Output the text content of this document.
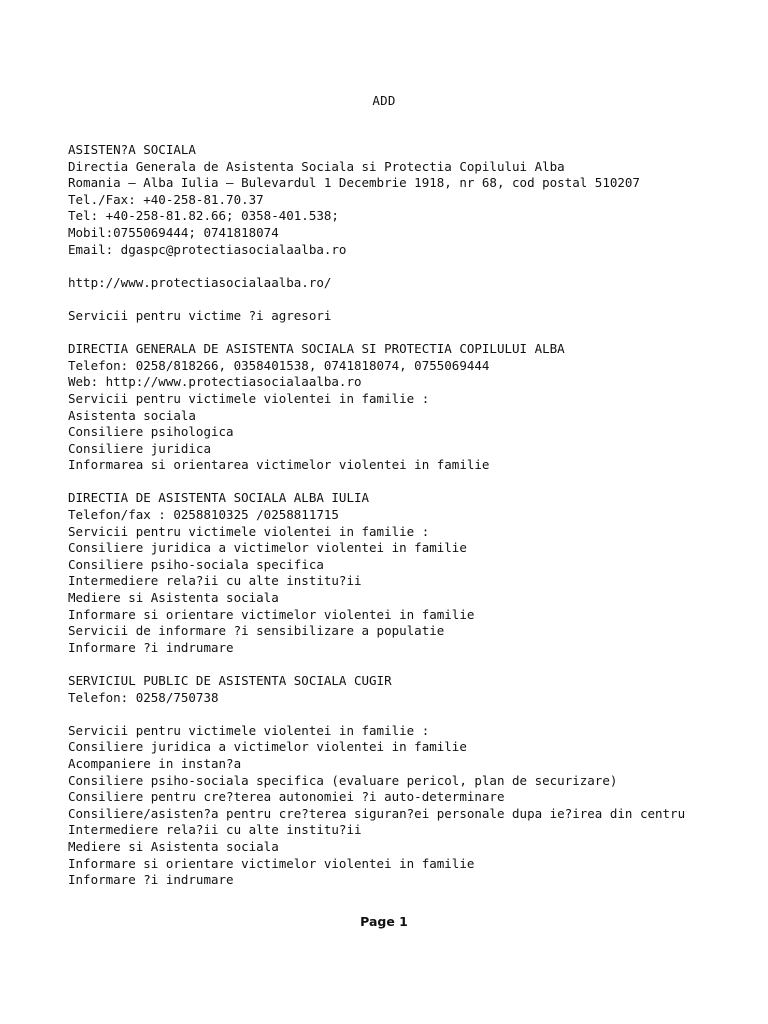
ADD
ASISTEN?A SOCIALA
Directia Generala de Asistenta Sociala si Protectia Copilului Alba
Romania – Alba Iulia – Bulevardul 1 Decembrie 1918, nr 68, cod postal 510207
Tel./Fax: +40-258-81.70.37
Tel: +40-258-81.82.66; 0358-401.538;
Mobil:0755069444; 0741818074
Email: dgaspc@protectiasocialaalba.ro
http://www.protectiasocialaalba.ro/
Servicii pentru victime ?i agresori
DIRECTIA GENERALA DE ASISTENTA SOCIALA SI PROTECTIA COPILULUI ALBA
Telefon: 0258/818266, 0358401538, 0741818074, 0755069444
Web: http://www.protectiasocialaalba.ro
Servicii pentru victimele violentei in familie :
Asistenta sociala
Consiliere psihologica
Consiliere juridica
Informarea si orientarea victimelor violentei in familie
DIRECTIA DE ASISTENTA SOCIALA ALBA IULIA
Telefon/fax : 0258810325 /0258811715
Servicii pentru victimele violentei in familie :
Consiliere juridica a victimelor violentei in familie
Consiliere psiho-sociala specifica
Intermediere rela?ii cu alte institu?ii
Mediere si Asistenta sociala
Informare si orientare victimelor violentei in familie
Servicii de informare ?i sensibilizare a populatie
Informare ?i indrumare
SERVICIUL PUBLIC DE ASISTENTA SOCIALA CUGIR
Telefon: 0258/750738
Servicii pentru victimele violentei in familie :
Consiliere juridica a victimelor violentei in familie
Acompaniere in instan?a
Consiliere psiho-sociala specifica (evaluare pericol, plan de securizare)
Consiliere pentru cre?terea autonomiei ?i auto-determinare
Consiliere/asisten?a pentru cre?terea siguran?ei personale dupa ie?irea din centru
Intermediere rela?ii cu alte institu?ii
Mediere si Asistenta sociala
Informare si orientare victimelor violentei in familie
Informare ?i indrumare
Page 1
